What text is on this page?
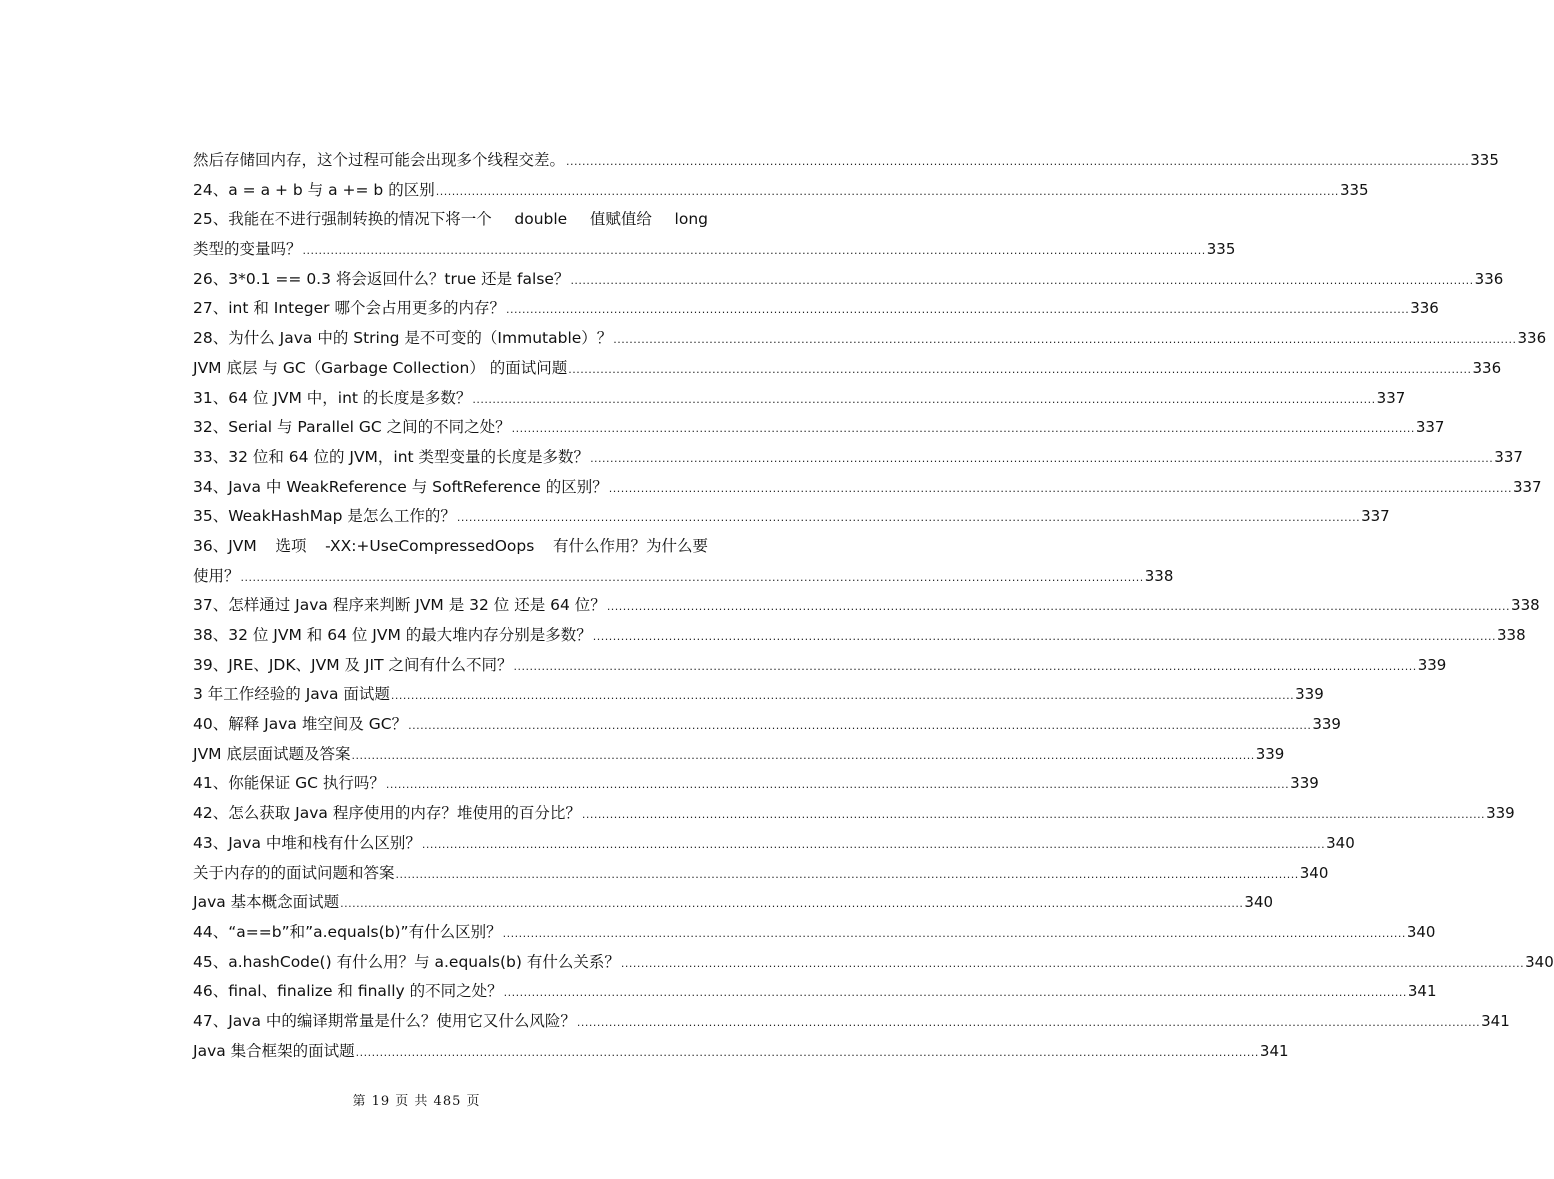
然后存储回内存，这个过程可能会出现多个线程交差。 .....	335
24、a = a + b 与 a += b 的区别 .....	335
25、我能在不进行强制转换的情况下将一个 double 值赋值给 long
类型的变量吗？ .....	335
26、3*0.1 == 0.3 将会返回什么？true 还是 false？ .....	336
27、int 和 Integer 哪个会占用更多的内存？ .....	336
28、为什么 Java 中的 String 是不可变的（Immutable）？ .....	336
JVM 底层 与 GC（Garbage Collection） 的面试问题 .....	336
31、64 位 JVM 中，int 的长度是多数？ .....	337
32、Serial 与 Parallel GC 之间的不同之处？ .....	337
33、32 位和 64 位的 JVM，int 类型变量的长度是多数？ .....	337
34、Java 中 WeakReference 与 SoftReference 的区别？ .....	337
35、WeakHashMap 是怎么工作的？ .....	337
36、JVM 选项 -XX:+UseCompressedOops 有什么作用？为什么要
使用？ .....	338
37、怎样通过 Java 程序来判断 JVM 是 32 位 还是 64 位？ .....	338
38、32 位 JVM 和 64 位 JVM 的最大堆内存分别是多数？ .....	338
39、JRE、JDK、JVM 及 JIT 之间有什么不同？ .....	339
3 年工作经验的 Java 面试题 .....	339
40、解释 Java 堆空间及 GC？ .....	339
JVM 底层面试题及答案 .....	339
41、你能保证 GC 执行吗？ .....	339
42、怎么获取 Java 程序使用的内存？堆使用的百分比？ .....	339
43、Java 中堆和栈有什么区别？ .....	340
关于内存的的面试问题和答案 .....	340
Java 基本概念面试题 .....	340
44、“a==b”和”a.equals(b)”有什么区别？ .....	340
45、a.hashCode() 有什么用？与 a.equals(b) 有什么关系？ .....	340
46、final、finalize 和 finally 的不同之处？ .....	341
47、Java 中的编译期常量是什么？使用它又什么风险？ .....	341
Java 集合框架的面试题 .....	341
第 19 页 共 485 页
